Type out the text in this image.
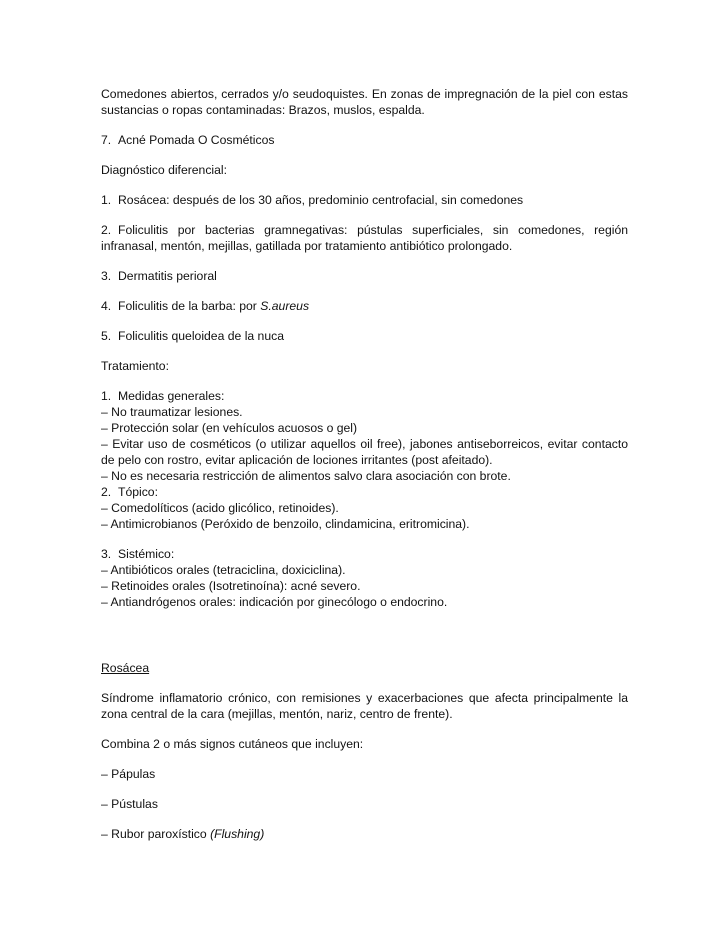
Comedones abiertos, cerrados y/o seudoquistes. En zonas de impregnación de la piel con estas sustancias o ropas contaminadas: Brazos, muslos, espalda.

7. Acné Pomada O Cosméticos

Diagnóstico diferencial:

1. Rosácea: después de los 30 años, predominio centrofacial, sin comedones

2. Foliculitis por bacterias gramnegativas: pústulas superficiales, sin comedones, región infranasal, mentón, mejillas, gatillada por tratamiento antibiótico prolongado.

3. Dermatitis perioral

4. Foliculitis de la barba: por S.aureus

5. Foliculitis queloidea de la nuca

Tratamiento:

1. Medidas generales:

– No traumatizar lesiones.

– Protección solar (en vehículos acuosos o gel)

– Evitar uso de cosméticos (o utilizar aquellos oil free), jabones antiseborreicos, evitar contacto de pelo con rostro, evitar aplicación de lociones irritantes (post afeitado).

– No es necesaria restricción de alimentos salvo clara asociación con brote.

2. Tópico:

– Comedolíticos (acido glicólico, retinoides).

– Antimicrobianos (Peróxido de benzoilo, clindamicina, eritromicina).

3. Sistémico:

– Antibióticos orales (tetraciclina, doxiciclina).

– Retinoides orales (Isotretinoína): acné severo.

– Antiandrógenos orales: indicación por ginecólogo o endocrino.

Rosácea

Síndrome inflamatorio crónico, con remisiones y exacerbaciones que afecta principalmente la zona central de la cara (mejillas, mentón, nariz, centro de frente).

Combina 2 o más signos cutáneos que incluyen:

– Pápulas

– Pústulas

– Rubor paroxístico (Flushing)
